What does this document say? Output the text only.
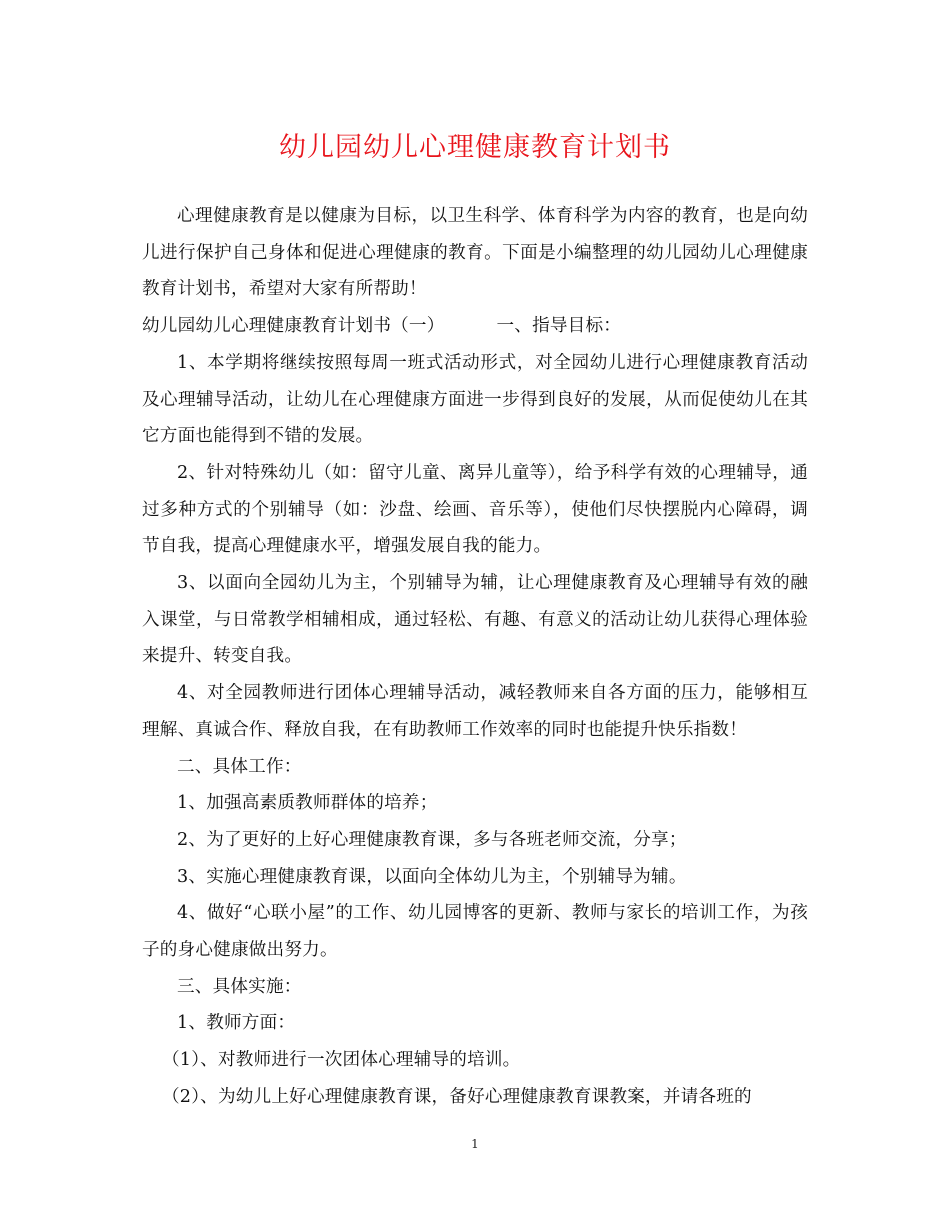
幼儿园幼儿心理健康教育计划书

心理健康教育是以健康为目标，以卫生科学、体育科学为内容的教育，也是向幼儿进行保护自己身体和促进心理健康的教育。下面是小编整理的幼儿园幼儿心理健康教育计划书，希望对大家有所帮助！

幼儿园幼儿心理健康教育计划书（一）	一、指导目标：

1、本学期将继续按照每周一班式活动形式，对全园幼儿进行心理健康教育活动及心理辅导活动，让幼儿在心理健康方面进一步得到良好的发展，从而促使幼儿在其它方面也能得到不错的发展。

2、针对特殊幼儿（如：留守儿童、离异儿童等），给予科学有效的心理辅导，通过多种方式的个别辅导（如：沙盘、绘画、音乐等），使他们尽快摆脱内心障碍，调节自我，提高心理健康水平，增强发展自我的能力。

3、以面向全园幼儿为主，个别辅导为辅，让心理健康教育及心理辅导有效的融入课堂，与日常教学相辅相成，通过轻松、有趣、有意义的活动让幼儿获得心理体验来提升、转变自我。

4、对全园教师进行团体心理辅导活动，减轻教师来自各方面的压力，能够相互理解、真诚合作、释放自我，在有助教师工作效率的同时也能提升快乐指数！

二、具体工作：

1、加强高素质教师群体的培养；

2、为了更好的上好心理健康教育课，多与各班老师交流，分享；

3、实施心理健康教育课，以面向全体幼儿为主，个别辅导为辅。

4、做好“心联小屋”的工作、幼儿园博客的更新、教师与家长的培训工作，为孩子的身心健康做出努力。

三、具体实施：

1、教师方面：

（1）、对教师进行一次团体心理辅导的培训。

（2）、为幼儿上好心理健康教育课，备好心理健康教育课教案，并请各班的

1
